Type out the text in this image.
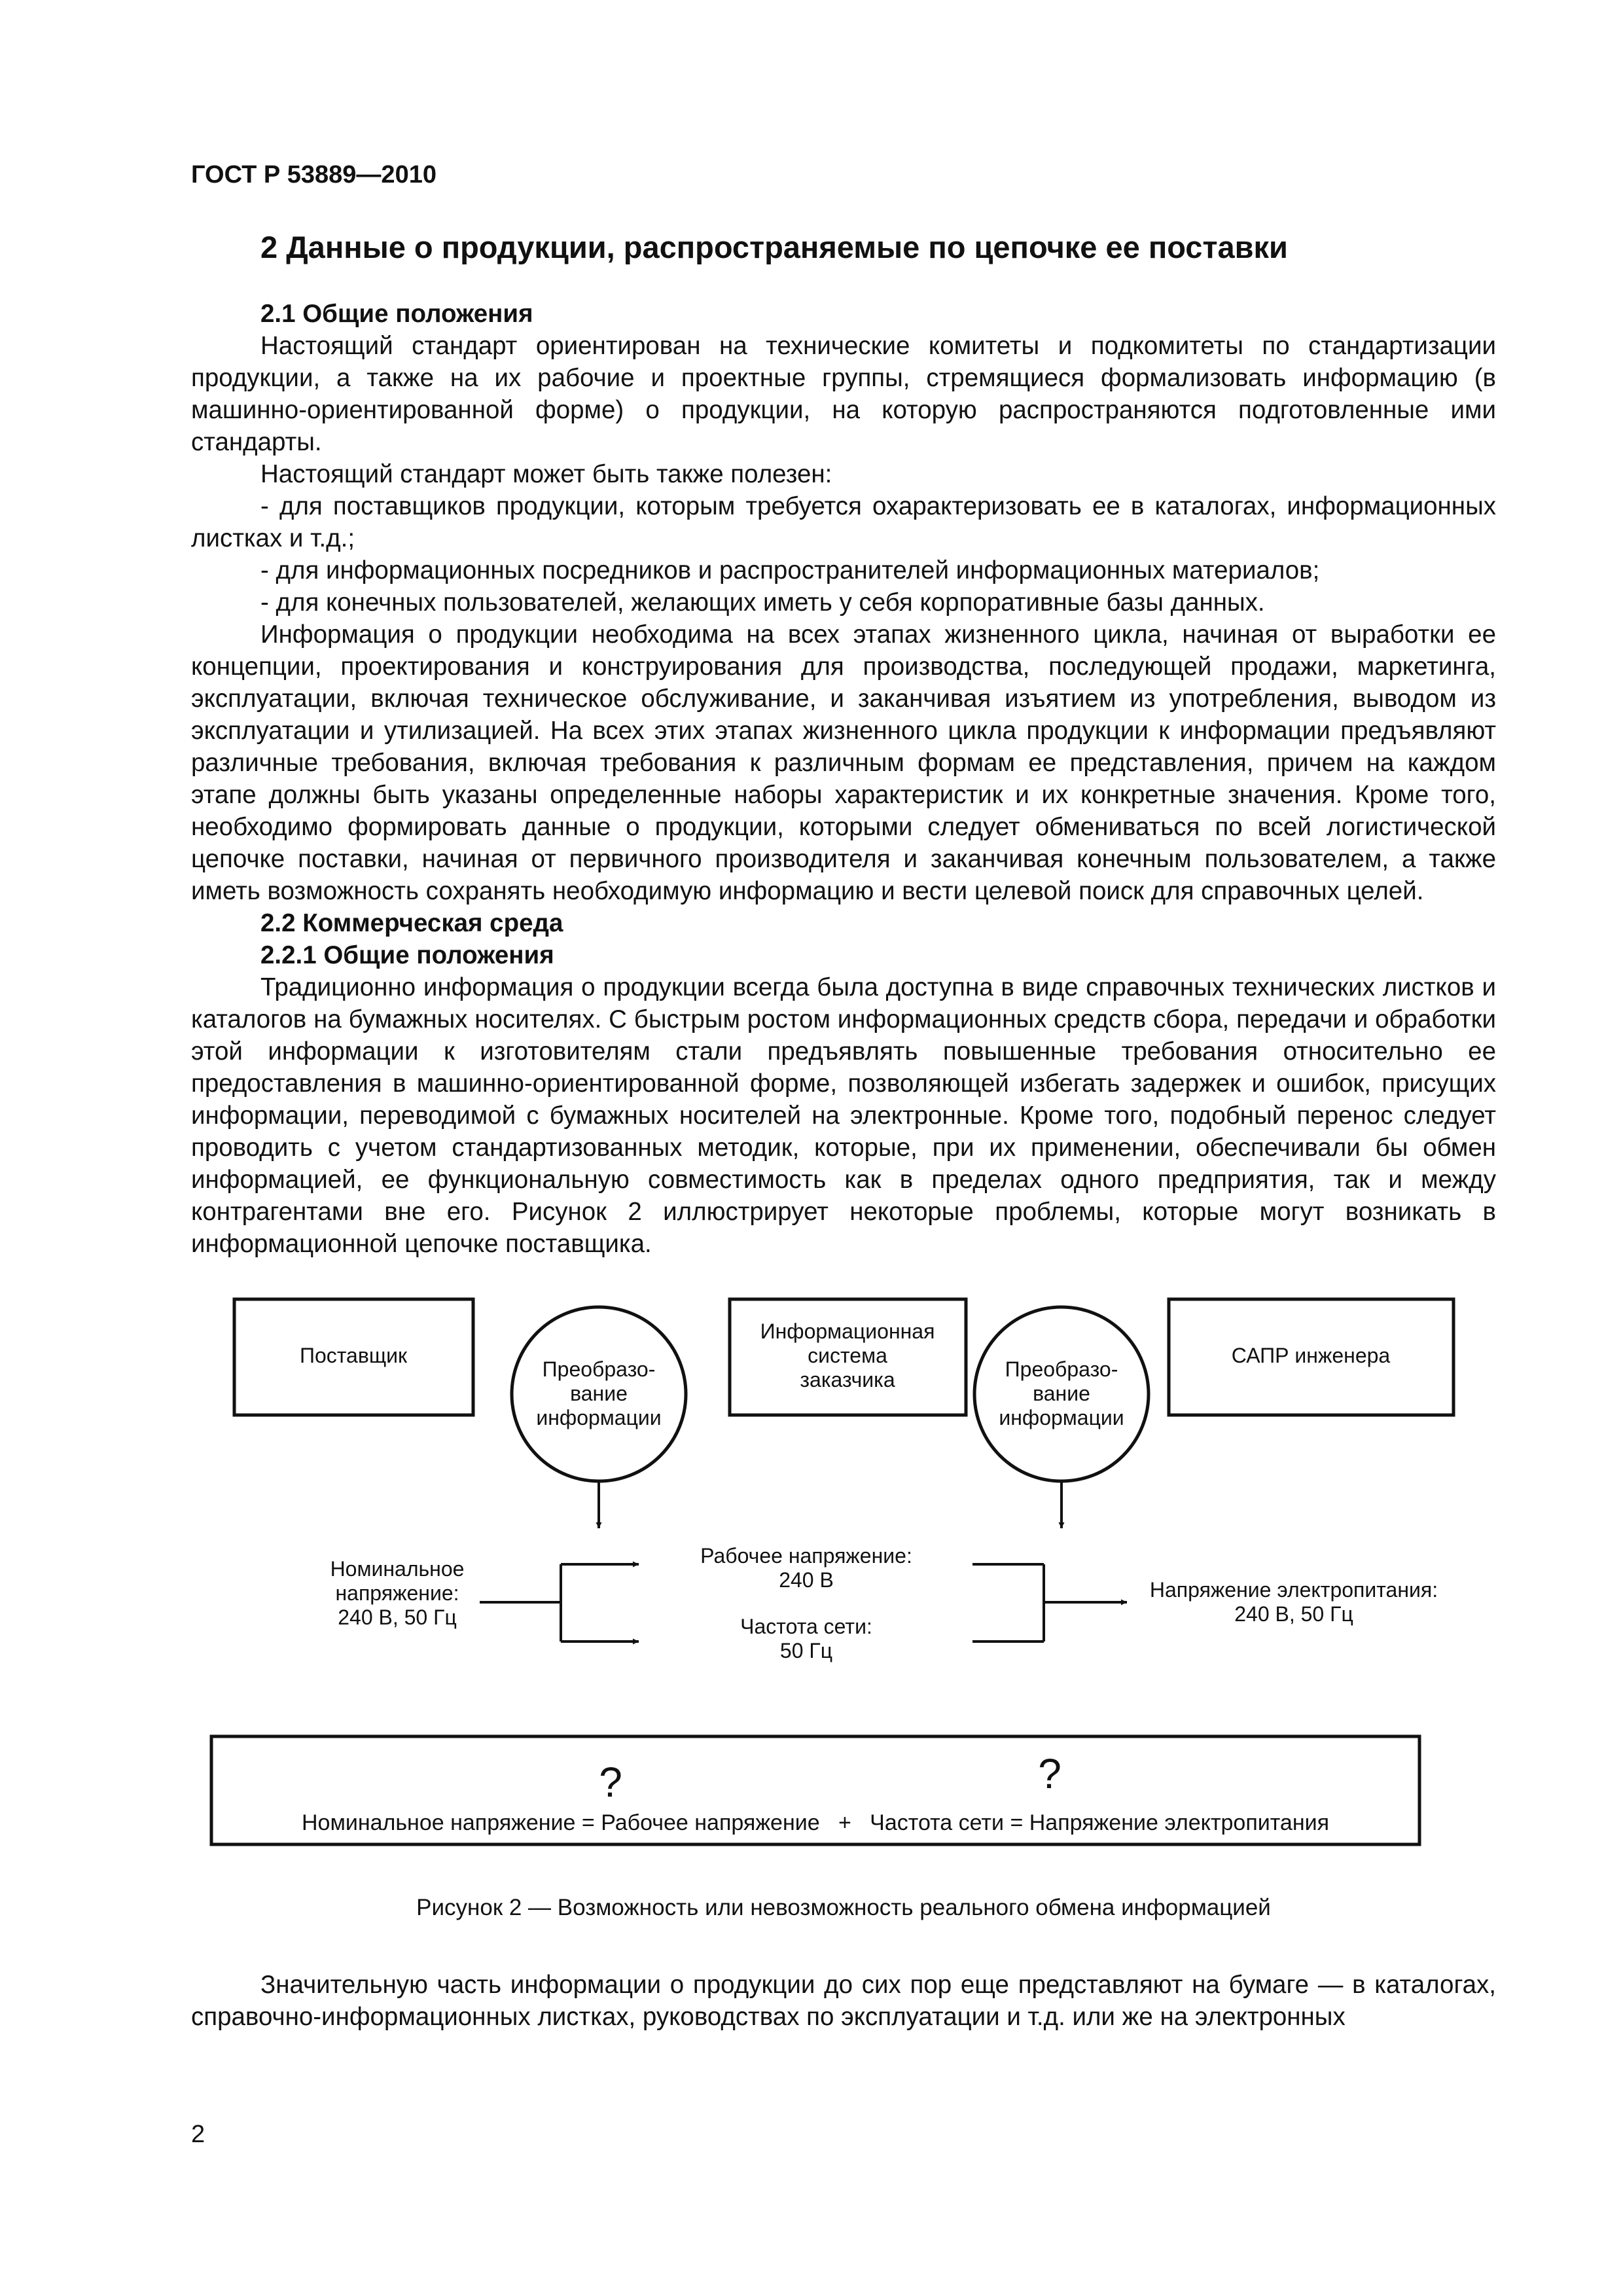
ГОСТ Р 53889—2010
2 Данные о продукции, распространяемые по цепочке ее поставки

2.1 Общие положения

Настоящий стандарт ориентирован на технические комитеты и подкомитеты по стандартизации продукции, а также на их рабочие и проектные группы, стремящиеся формализовать информацию (в машинно-ориентированной форме) о продукции, на которую распространяются подготовленные ими стандарты.

Настоящий стандарт может быть также полезен:

- для поставщиков продукции, которым требуется охарактеризовать ее в каталогах, информационных листках и т.д.;

- для информационных посредников и распространителей информационных материалов;

- для конечных пользователей, желающих иметь у себя корпоративные базы данных.

Информация о продукции необходима на всех этапах жизненного цикла, начиная от выработки ее концепции, проектирования и конструирования для производства, последующей продажи, маркетинга, эксплуатации, включая техническое обслуживание, и заканчивая изъятием из употребления, выводом из эксплуатации и утилизацией. На всех этих этапах жизненного цикла продукции к информации предъявляют различные требования, включая требования к различным формам ее представления, причем на каждом этапе должны быть указаны определенные наборы характеристик и их конкретные значения. Кроме того, необходимо формировать данные о продукции, которыми следует обмениваться по всей логистической цепочке поставки, начиная от первичного производителя и заканчивая конечным пользователем, а также иметь возможность сохранять необходимую информацию и вести целевой поиск для справочных целей.

2.2 Коммерческая среда

2.2.1 Общие положения

Традиционно информация о продукции всегда была доступна в виде справочных технических листков и каталогов на бумажных носителях. С быстрым ростом информационных средств сбора, передачи и обработки этой информации к изготовителям стали предъявлять повышенные требования относительно ее предоставления в машинно-ориентированной форме, позволяющей избегать задержек и ошибок, присущих информации, переводимой с бумажных носителей на электронные. Кроме того, подобный перенос следует проводить с учетом стандартизованных методик, которые, при их применении, обеспечивали бы обмен информацией, ее функциональную совместимость как в пределах одного предприятия, так и между контрагентами вне его. Рисунок 2 иллюстрирует некоторые проблемы, которые могут возникать в информационной цепочке поставщика.

Поставщик
Преобразо-
вание
информации
Информационная
система
заказчика	Преобразо-
вание
информации
САПР инженера
Номинальное
напряжение:
240 В, 50 Гц
Рабочее напряжение:
240 В
Частота сети:
50 Гц
Напряжение электропитания:
240 В, 50 Гц
?	?
Номинальное напряжение = Рабочее напряжение   +   Частота сети = Напряжение электропитания
Рисунок 2 — Возможность или невозможность реального обмена информацией

Значительную часть информации о продукции до сих пор еще представляют на бумаге — в каталогах, справочно-информационных листках, руководствах по эксплуатации и т.д. или же на электронных

2
